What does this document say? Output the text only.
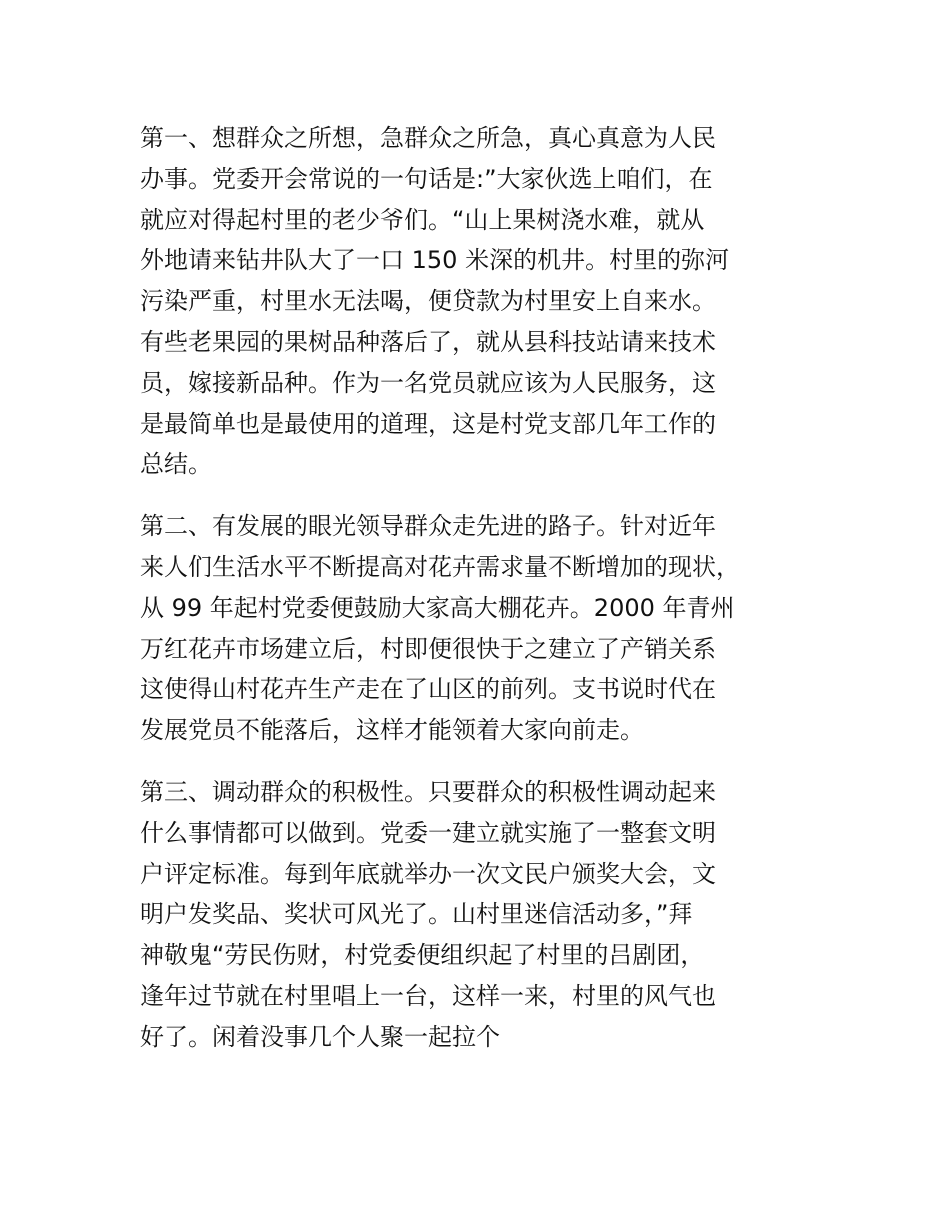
第一、想群众之所想，急群众之所急，真心真意为人民
办事。党委开会常说的一句话是:”大家伙选上咱们，在
就应对得起村里的老少爷们。“山上果树浇水难，就从
外地请来钻井队大了一口 150 米深的机井。村里的弥河
污染严重，村里水无法喝，便贷款为村里安上自来水。
有些老果园的果树品种落后了，就从县科技站请来技术
员，嫁接新品种。作为一名党员就应该为人民服务，这
是最简单也是最使用的道理，这是村党支部几年工作的
总结。

第二、有发展的眼光领导群众走先进的路子。针对近年
来人们生活水平不断提高对花卉需求量不断增加的现状，
从 99 年起村党委便鼓励大家高大棚花卉。2000 年青州
万红花卉市场建立后，村即便很快于之建立了产销关系
这使得山村花卉生产走在了山区的前列。支书说时代在
发展党员不能落后，这样才能领着大家向前走。

第三、调动群众的积极性。只要群众的积极性调动起来
什么事情都可以做到。党委一建立就实施了一整套文明
户评定标准。每到年底就举办一次文民户颁奖大会，文
明户发奖品、奖状可风光了。山村里迷信活动多，”拜
神敬鬼“劳民伤财，村党委便组织起了村里的吕剧团，
逢年过节就在村里唱上一台，这样一来，村里的风气也
好了。闲着没事几个人聚一起拉个
